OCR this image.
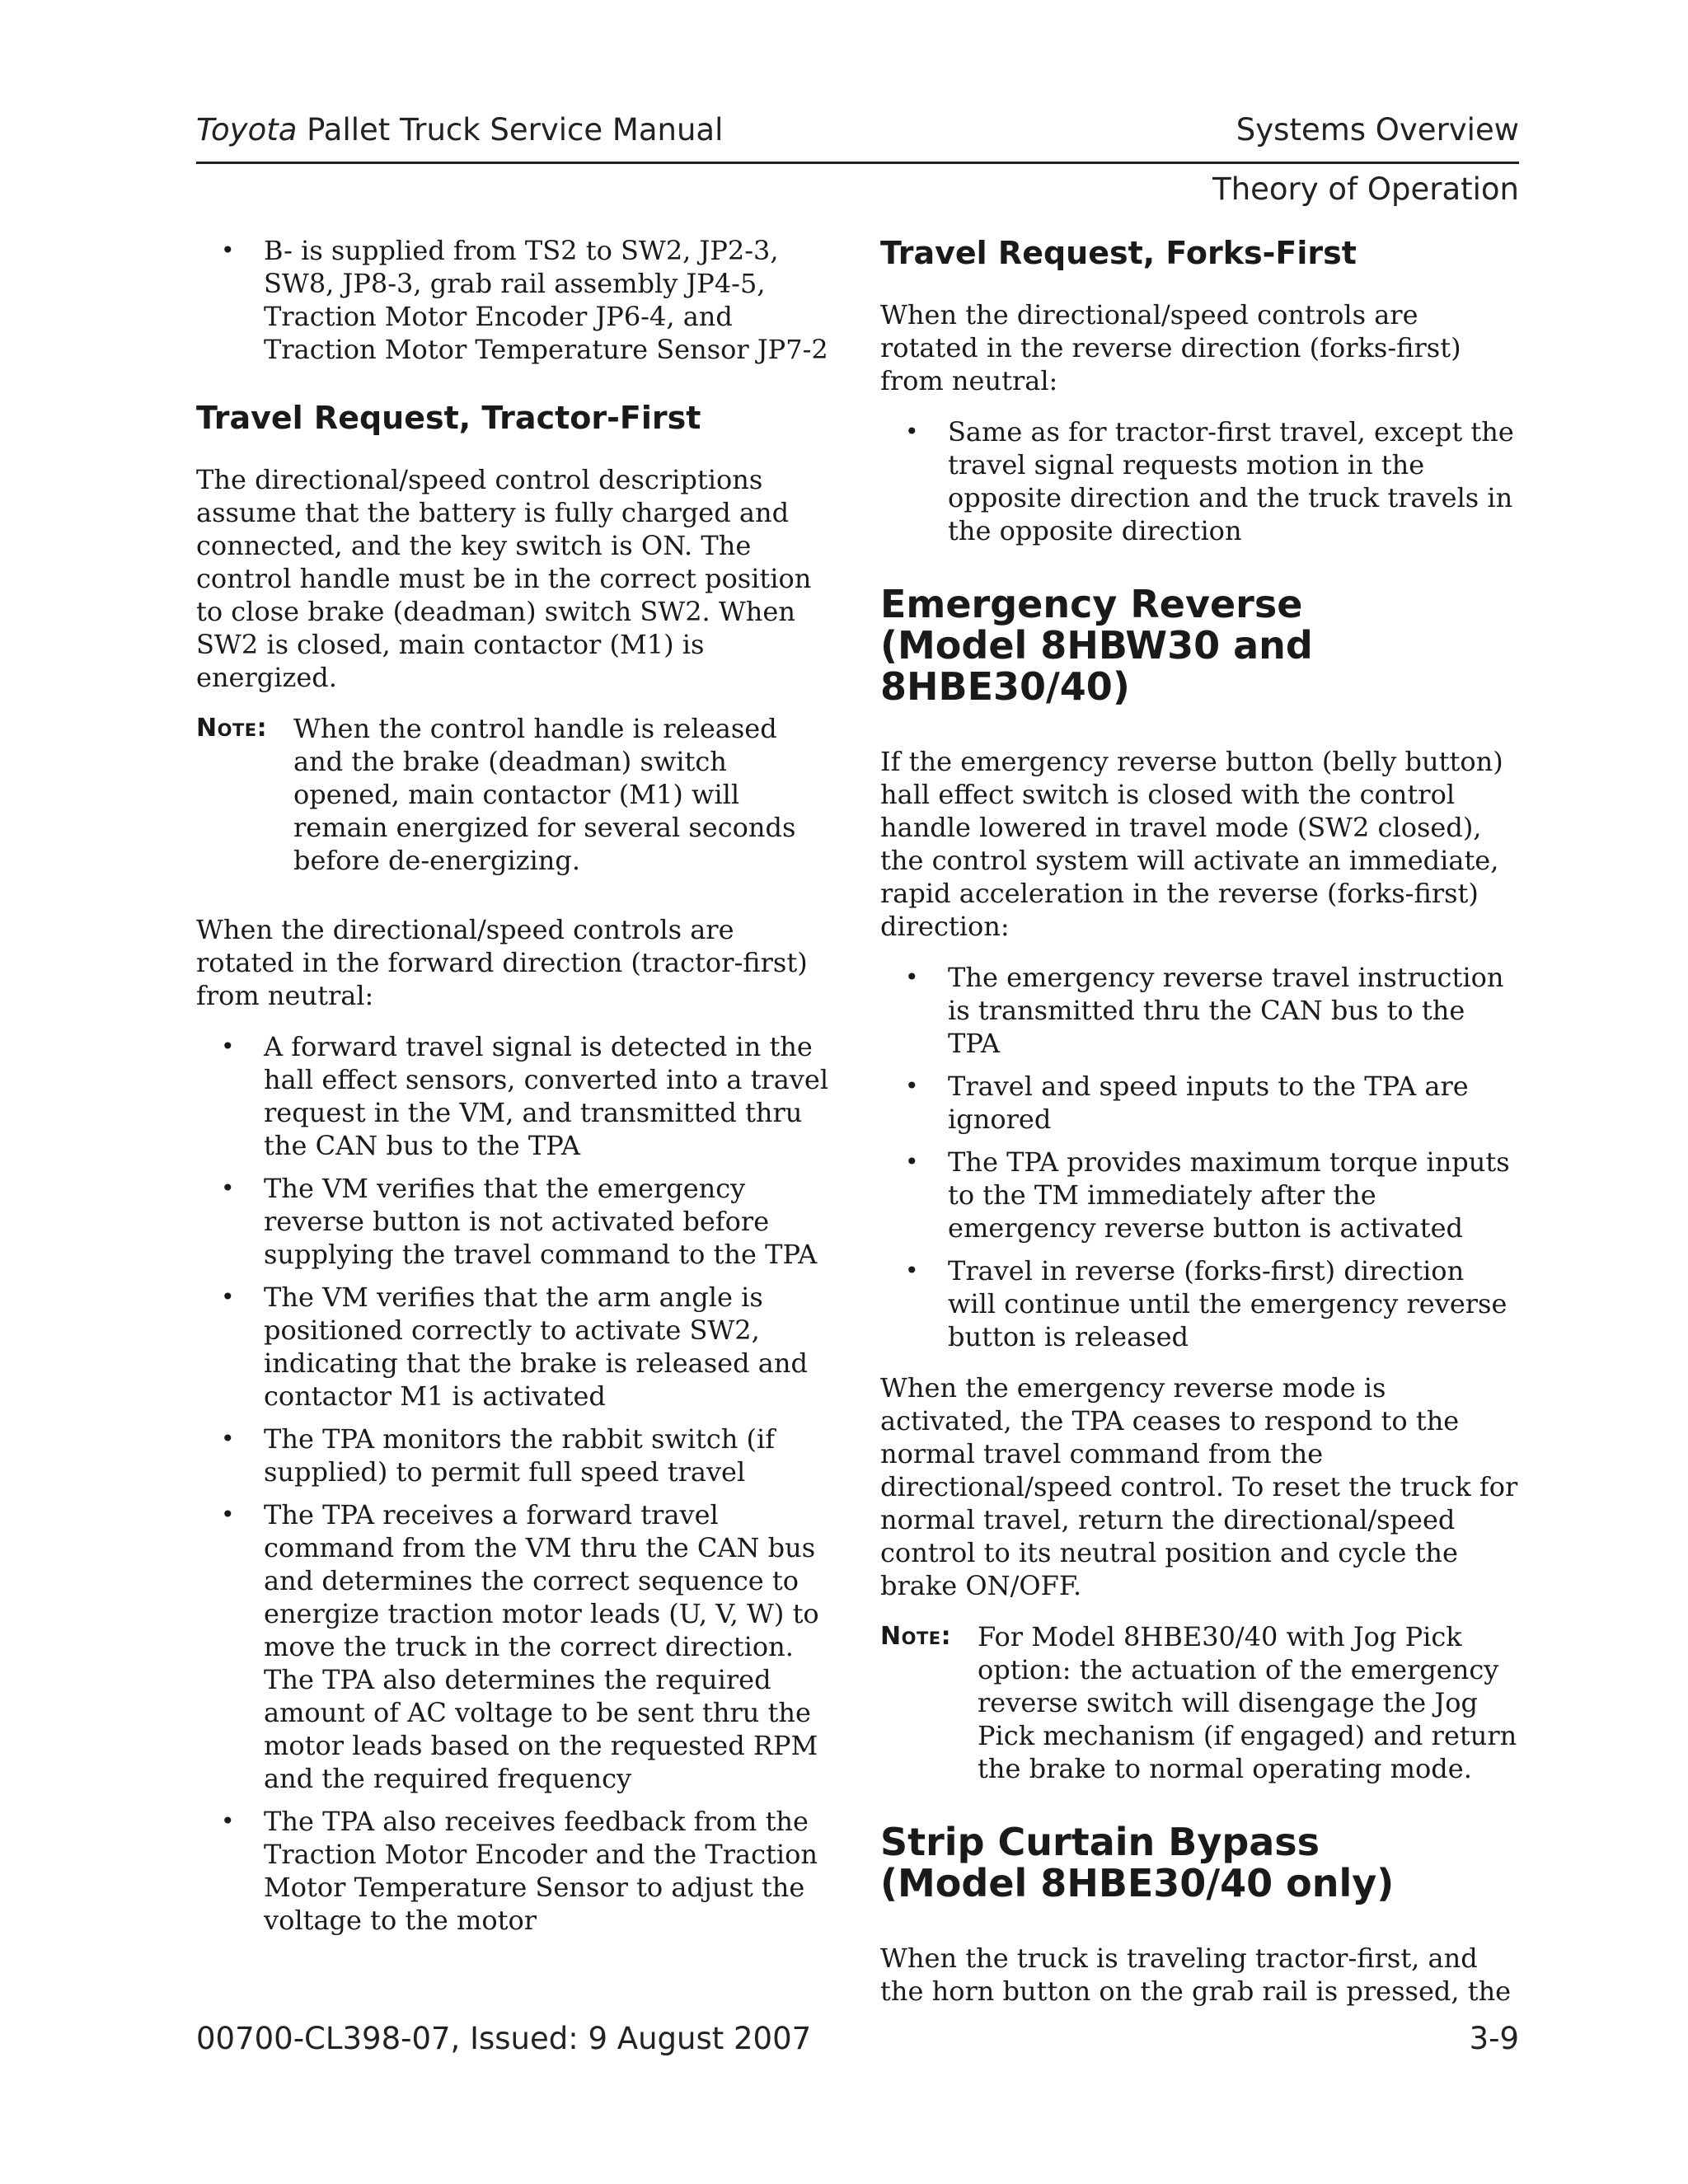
Toyota Pallet Truck Service Manual	Systems Overview
Theory of Operation
• B- is supplied from TS2 to SW2, JP2-3, SW8, JP8-3, grab rail assembly JP4-5, Traction Motor Encoder JP6-4, and Traction Motor Temperature Sensor JP7-2
Travel Request, Tractor-First

The directional/speed control descriptions assume that the battery is fully charged and connected, and the key switch is ON. The control handle must be in the correct position to close brake (deadman) switch SW2. When SW2 is closed, main contactor (M1) is energized.

Note: When the control handle is released and the brake (deadman) switch opened, main contactor (M1) will remain energized for several seconds before de-energizing.

When the directional/speed controls are rotated in the forward direction (tractor-first) from neutral:

• A forward travel signal is detected in the hall effect sensors, converted into a travel request in the VM, and transmitted thru the CAN bus to the TPA
• The VM verifies that the emergency reverse button is not activated before supplying the travel command to the TPA
• The VM verifies that the arm angle is positioned correctly to activate SW2, indicating that the brake is released and contactor M1 is activated
• The TPA monitors the rabbit switch (if supplied) to permit full speed travel
• The TPA receives a forward travel command from the VM thru the CAN bus and determines the correct sequence to energize traction motor leads (U, V, W) to move the truck in the correct direction. The TPA also determines the required amount of AC voltage to be sent thru the motor leads based on the requested RPM and the required frequency
• The TPA also receives feedback from the Traction Motor Encoder and the Traction Motor Temperature Sensor to adjust the voltage to the motor
Travel Request, Forks-First

When the directional/speed controls are rotated in the reverse direction (forks-first) from neutral:

• Same as for tractor-first travel, except the travel signal requests motion in the opposite direction and the truck travels in the opposite direction
Emergency Reverse
(Model 8HBW30 and
8HBE30/40)

If the emergency reverse button (belly button) hall effect switch is closed with the control handle lowered in travel mode (SW2 closed), the control system will activate an immediate, rapid acceleration in the reverse (forks-first) direction:

• The emergency reverse travel instruction is transmitted thru the CAN bus to the TPA
• Travel and speed inputs to the TPA are ignored
• The TPA provides maximum torque inputs to the TM immediately after the emergency reverse button is activated
• Travel in reverse (forks-first) direction will continue until the emergency reverse button is released

When the emergency reverse mode is activated, the TPA ceases to respond to the normal travel command from the directional/speed control. To reset the truck for normal travel, return the directional/speed control to its neutral position and cycle the brake ON/OFF.

Note: For Model 8HBE30/40 with Jog Pick option: the actuation of the emergency reverse switch will disengage the Jog Pick mechanism (if engaged) and return the brake to normal operating mode.
Strip Curtain Bypass
(Model 8HBE30/40 only)

When the truck is traveling tractor-first, and the horn button on the grab rail is pressed, the

00700-CL398-07, Issued: 9 August 2007	3-9
